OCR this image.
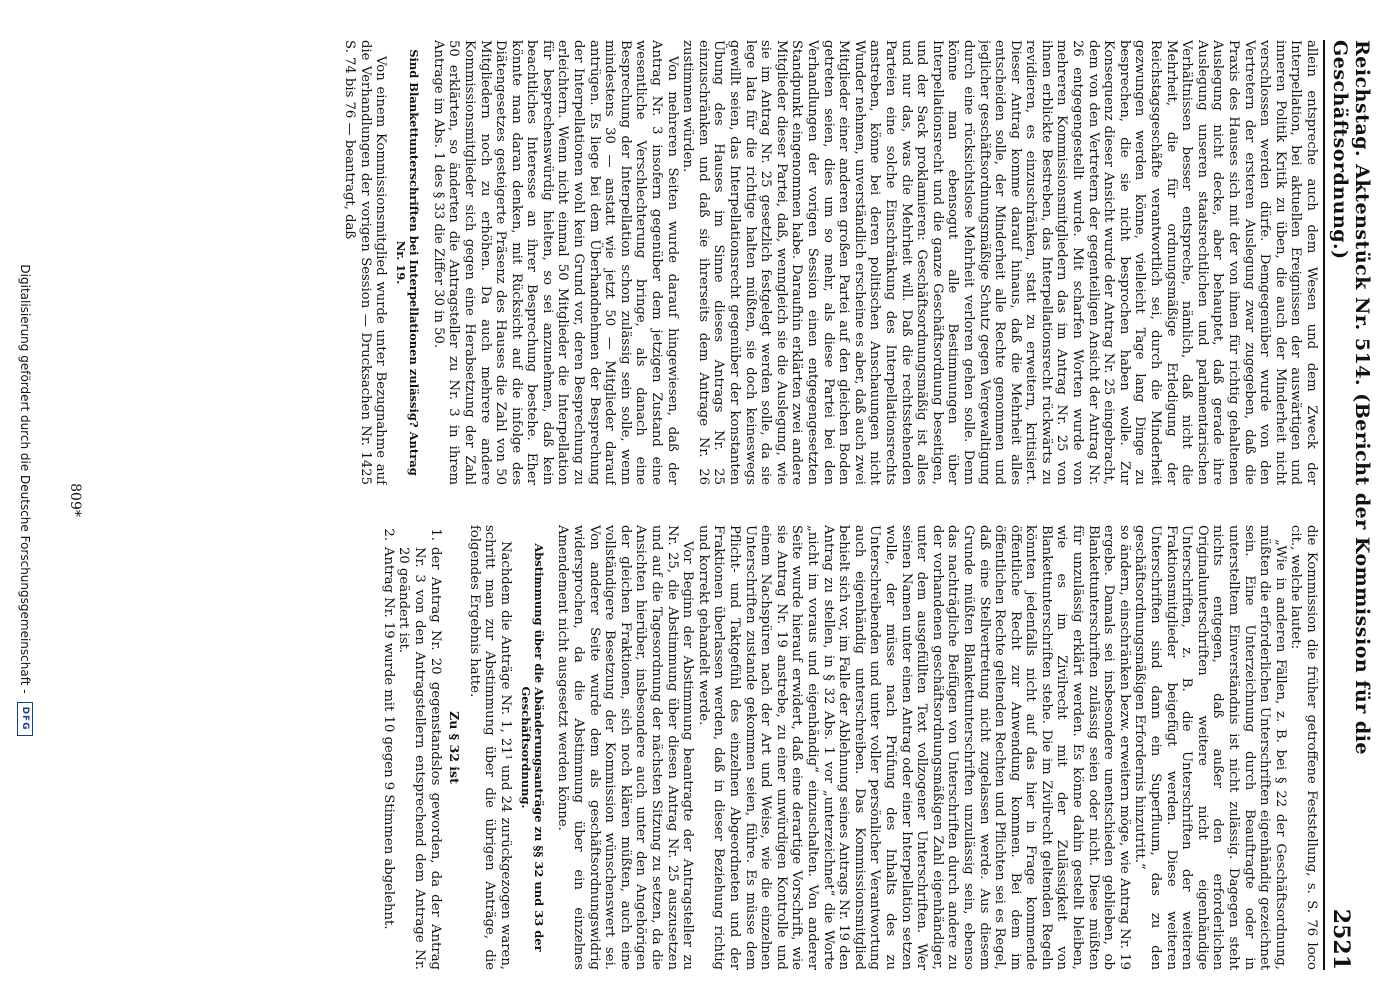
Reichstag. Aktenstück Nr. 514. (Bericht der Kommission für die Geschäftsordnung.)
2521

allein entspreche auch dem Wesen und dem Zweck der Interpellation, bei aktuellen Ereignissen der auswärtigen und inneren Politik Kritik zu üben, die auch der Minderheit nicht verschlossen werden dürfe. Demgegenüber wurde von den Vertretern der ersteren Auslegung zwar zugegeben, daß die Praxis des Hauses sich mit der von ihnen für richtig gehaltenen Auslegung nicht decke, aber behauptet, daß gerade ihre Auslegung unseren staatsrechtlichen und parlamentarischen Verhältnissen besser entspreche, nämlich, daß nicht die Mehrheit, die für ordnungsmäßige Erledigung der Reichstagsgeschäfte verantwortlich sei, durch die Minderheit gezwungen werden könne, vielleicht Tage lang Dinge zu besprechen, die sie nicht besprochen haben wolle. Zur Konsequenz dieser Ansicht wurde der Antrag Nr. 25 eingebracht, dem von den Vertretern der gegenteiligen Ansicht der Antrag Nr. 26 entgegengestellt wurde. Mit scharfen Worten wurde von mehreren Kommissionsmitgliedern das im Antrag Nr. 25 von ihnen erblickte Bestreben, das Interpellationsrecht rückwärts zu revidieren, es einzuschränken, statt zu erweitern, kritisiert. Dieser Antrag komme darauf hinaus, daß die Mehrheit alles entscheiden solle, der Minderheit alle Rechte genommen und jeglicher geschäftsordnungsmäßige Schutz gegen Vergewaltigung durch eine rücksichtslose Mehrheit verloren gehen solle. Denn könne man ebensogut alle Bestimmungen über Interpellationsrecht und die ganze Geschäftsordnung beseitigen, und der Sack proklamieren: Geschäftsordnungsmäßig ist alles und nur das, was die Mehrheit will. Daß die rechtsstehenden Parteien eine solche Einschränkung des Interpellationsrechts anstreben, könne bei deren politischen Anschauungen nicht Wunder nehmen, unverständlich erscheine es aber, daß auch zwei Mitglieder einer anderen großen Partei auf den gleichen Boden getreten seien, dies um so mehr, als diese Partei bei den Verhandlungen der vorigen Session einen entgegengesetzten Standpunkt eingenommen habe. Daraufhin erklärten zwei andere Mitglieder dieser Partei, daß, wenngleich sie die Auslegung, wie sie im Antrag Nr. 25 gesetzlich festgelegt werden solle, da sie lege lata für die richtige halten müßten, sie doch keineswegs gewillt seien, das Interpellationsrecht gegenüber der konstanten Übung des Hauses im Sinne dieses Antrags Nr. 25 einzuschränken und daß sie ihrerseits dem Antrage Nr. 26 zustimmen würden.

Von mehreren Seiten wurde darauf hingewiesen, daß der Antrag Nr. 3 insofern gegenüber dem jetzigen Zustand eine wesentliche Verschlechterung bringe, als danach eine Besprechung der Interpellation schon zulässig sein solle, wenn mindestens 30 — anstatt wie jetzt 50 — Mitglieder darauf antrügen. Es liege bei dem Überhandnehmen der Besprechung der Interpellationen wohl kein Grund vor, deren Besprechung zu erleichtern. Wenn nicht einmal 50 Mitglieder die Interpellation für besprechenswürdig hielten, so sei anzunehmen, daß kein beachtliches Interesse an ihrer Besprechung bestehe. Eher könnte man daran denken, mit Rücksicht auf die infolge des Diätengesetzes gesteigerte Präsenz des Hauses die Zahl von 50 Mitgliedern noch zu erhöhen. Da auch mehrere andere Kommissionsmitglieder sich gegen eine Herabsetzung der Zahl 50 erklärten, so änderten die Antragsteller zu Nr. 3 in ihrem Antrage im Abs. 1 des § 33 die Ziffer 30 in 50.

Sind Blankettunterschriften bei Interpellationen zulässig? Antrag Nr. 19.

Von einem Kommissionsmitglied wurde unter Bezugnahme auf die Verhandlungen der vorigen Session — Drucksachen Nr. 1425 S. 74 bis 76 — beantragt, daß

die Kommission die früher getroffene Feststellung, s. S. 76 loco cit., welche lautet:

„Wie in anderen Fällen, z. B. bei § 22 der Geschäftsordnung, müßten die erforderlichen Unterschriften eigenhändig gezeichnet sein. Eine Unterzeichnung durch Beauftragte oder in unterstelltem Einverständnis ist nicht zulässig. Dagegen steht nichts entgegen, daß außer den erforderlichen Originalunterschriften weitere nicht eigenhändige Unterschriften, z. B. die Unterschriften der weiteren Fraktionsmitglieder beigefügt werden. Diese weiteren Unterschriften sind dann ein Superfluum, das zu den geschäftsordnungsmäßigen Erfordernis hinzutritt.“

so ändern, einschränken bezw. erweitern möge, wie Antrag Nr. 19 ergebe. Damals sei insbesondere unentschieden geblieben, ob Blankettunterschriften zulässig seien oder nicht. Diese müßten für unzulässig erklärt werden. Es könne dahin gestellt bleiben, wie es im Zivilrecht mit der Zulässigkeit von Blankettunterschriften stehe. Die im Zivilrecht geltenden Regeln könnten jedenfalls nicht auf das hier in Frage kommende öffentliche Recht zur Anwendung kommen. Bei dem im öffentlichen Rechte geltenden Rechten und Pflichten sei es Regel, daß eine Stellvertretung nicht zugelassen werde. Aus diesem Grunde müßten Blankettunterschriften unzulässig sein, ebenso das nachträgliche Beifügen von Unterschriften durch andere zu der vorhandenen geschäftsordnungsmäßigen Zahl eigenhändiger, unter dem ausgefüllten Text vollzogener Unterschriften. Wer seinen Namen unter einen Antrag oder einer Interpellation setzen wolle, der müsse nach Prüfung des Inhalts des zu Unterschreibenden und unter voller persönlicher Verantwortung auch eigenhändig unterschreiben. Das Kommissionsmitglied behielt sich vor, im Falle der Ablehnung seines Antrags Nr. 19 den Antrag zu stellen, in § 32 Abs. 1 vor „unterzeichnet“ die Worte „nicht im voraus und eigenhändig“ einzuschalten. Von anderer Seite wurde hierauf erwidert, daß eine derartige Vorschrift, wie sie Antrag Nr. 19 anstrebe, zu einer unwürdigen Kontrolle und einem Nachspüren nach der Art und Weise, wie die einzelnen Unterschriften zustande gekommen seien, führe. Es müsse dem Pflicht- und Taktgefühl des einzelnen Abgeordneten und der Fraktionen überlassen werden, daß in dieser Beziehung richtig und korrekt gehandelt werde.

Vor Beginn der Abstimmung beantragte der Antragsteller zu Nr. 25, die Abstimmung über diesen Antrag Nr. 25 auszusetzen und auf die Tagesordnung der nächsten Sitzung zu setzen, da die Ansichten hierüber, insbesondere auch unter den Angehörigen der gleichen Fraktionen, sich noch klären müßten, auch eine vollständigere Besetzung der Kommission wünschenswert sei. Von anderer Seite wurde dem als geschäftsordnungswidrig widersprochen, da die Abstimmung über ein einzelnes Amendement nicht ausgesetzt werden könne.

Abstimmung über die Abänderungsanträge zu §§ 32 und 33 der Geschäftsordnung.

Nachdem die Anträge Nr. 1, 21¹ und 24 zurückgezogen waren, schritt man zur Abstimmung über die übrigen Anträge, die folgendes Ergebnis hatte.

Zu § 32 ist
1.
der Antrag Nr. 20 gegenstandslos geworden, da der Antrag Nr. 3 von den Antragstellern entsprechend dem Antrage Nr. 20 geändert ist.
2.
Antrag Nr. 19 wurde mit 10 gegen 9 Stimmen abgelehnt.
809*
Digitalisierung gefördert durch die Deutsche Forschungsgemeinschaft -
DFG
